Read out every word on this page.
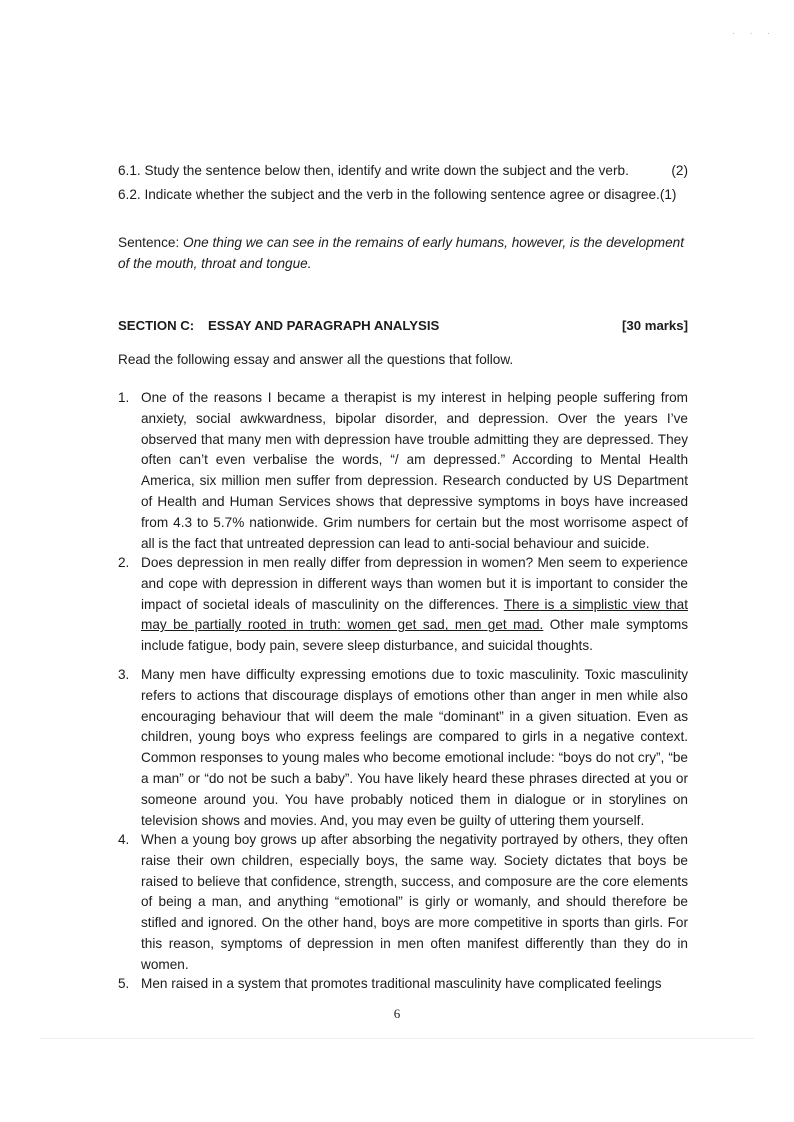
· · ·
6.1. Study the sentence below then, identify and write down the subject and the verb.	(2)
6.2. Indicate whether the subject and the verb in the following sentence agree or disagree.(1)
Sentence: One thing we can see in the remains of early humans, however, is the development of the mouth, throat and tongue.
SECTION C: ESSAY AND PARAGRAPH ANALYSIS	[30 marks]
Read the following essay and answer all the questions that follow.
1. One of the reasons I became a therapist is my interest in helping people suffering from anxiety, social awkwardness, bipolar disorder, and depression. Over the years I’ve observed that many men with depression have trouble admitting they are depressed. They often can’t even verbalise the words, “/ am depressed.” According to Mental Health America, six million men suffer from depression. Research conducted by US Department of Health and Human Services shows that depressive symptoms in boys have increased from 4.3 to 5.7% nationwide. Grim numbers for certain but the most worrisome aspect of all is the fact that untreated depression can lead to anti-social behaviour and suicide.
2. Does depression in men really differ from depression in women? Men seem to experience and cope with depression in different ways than women but it is important to consider the impact of societal ideals of masculinity on the differences. There is a simplistic view that may be partially rooted in truth: women get sad, men get mad. Other male symptoms include fatigue, body pain, severe sleep disturbance, and suicidal thoughts.
3. Many men have difficulty expressing emotions due to toxic masculinity. Toxic masculinity refers to actions that discourage displays of emotions other than anger in men while also encouraging behaviour that will deem the male “dominant” in a given situation. Even as children, young boys who express feelings are compared to girls in a negative context. Common responses to young males who become emotional include: “boys do not cry”, “be a man” or “do not be such a baby”. You have likely heard these phrases directed at you or someone around you. You have probably noticed them in dialogue or in storylines on television shows and movies. And, you may even be guilty of uttering them yourself.
4. When a young boy grows up after absorbing the negativity portrayed by others, they often raise their own children, especially boys, the same way. Society dictates that boys be raised to believe that confidence, strength, success, and composure are the core elements of being a man, and anything “emotional” is girly or womanly, and should therefore be stifled and ignored. On the other hand, boys are more competitive in sports than girls. For this reason, symptoms of depression in men often manifest differently than they do in women.
5. Men raised in a system that promotes traditional masculinity have complicated feelings
6
